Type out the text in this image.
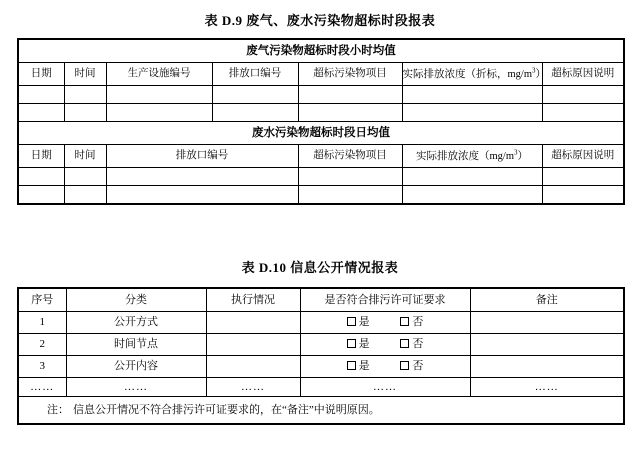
表 D.9 废气、废水污染物超标时段报表
废气污染物超标时段小时均值						
日期	时间	生产设施编号	排放口编号	超标污染物项目	实际排放浓度（折标，$mg/m^3$）	超标原因说明

废水污染物超标时段日均值						
日期	时间	排放口编号		超标污染物项目	实际排放浓度$(mg/m^3)$	超标原因说明

表 D.10 信息公开情况报表
序号	分类	执行情况	是否符合排污许可证要求	备注
1	公开方式		是 否	
2	时间节点		是 否	
3	公开内容		是 否	
……	……	……	……	……
注： 信息公开情况不符合排污许可证要求的，在“备注”中说明原因。				
